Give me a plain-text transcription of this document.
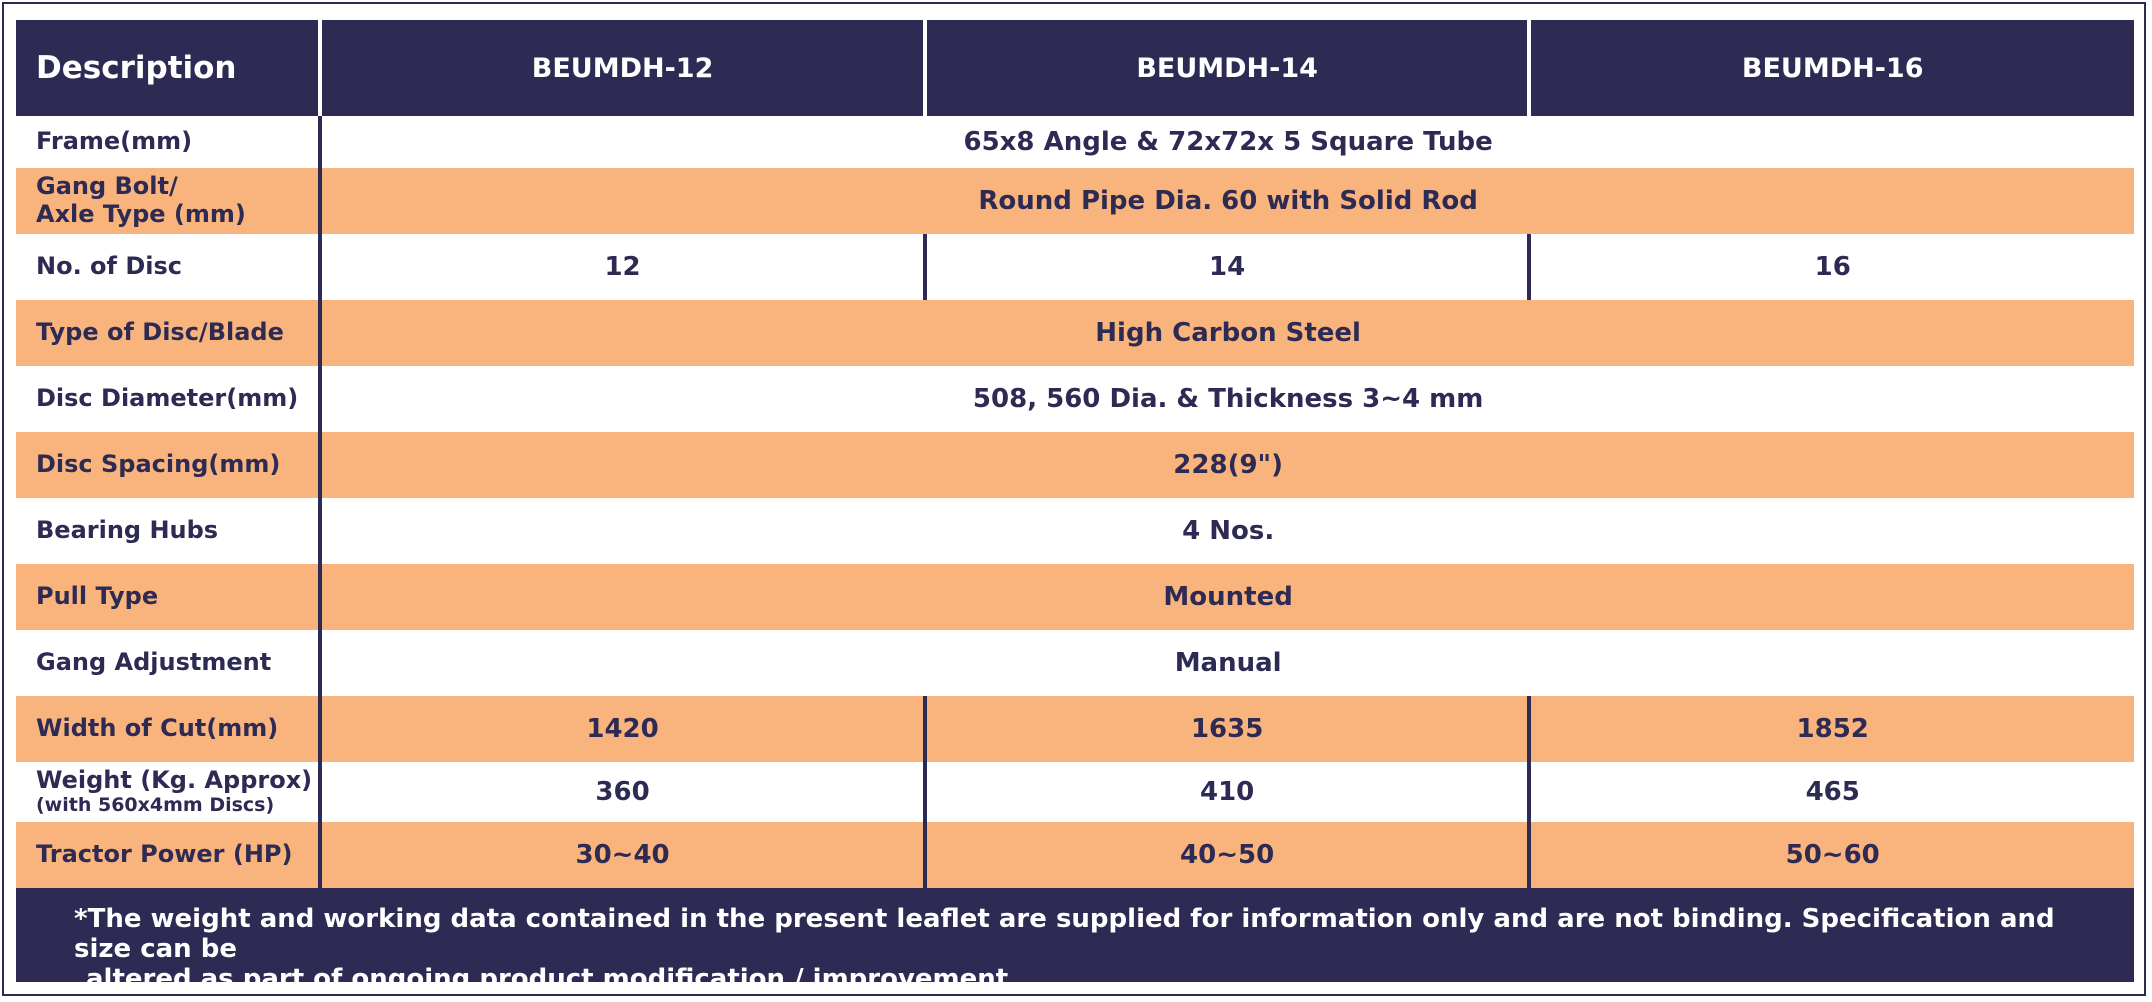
Description	BEUMDH-12	BEUMDH-14	BEUMDH-16
Frame(mm)	65x8 Angle & 72x72x 5 Square Tube		
Gang Bolt/
Axle Type (mm)	Round Pipe Dia. 60 with Solid Rod		
No. of Disc	12	14	16
Type of Disc/Blade	High Carbon Steel		
Disc Diameter(mm)	508, 560 Dia. & Thickness 3~4 mm		
Disc Spacing(mm)	228(9")		
Bearing Hubs	4 Nos.		
Pull Type	Mounted		
Gang Adjustment	Manual		
Width of Cut(mm)	1420	1635	1852
Weight (Kg. Approx)
(with 560x4mm Discs)	360	410	465
Tractor Power (HP)	30~40	40~50	50~60
*The weight and working data contained in the present leaflet are supplied for information only and are not binding. Specification and size can be
altered as part of ongoing product modification / improvement.
